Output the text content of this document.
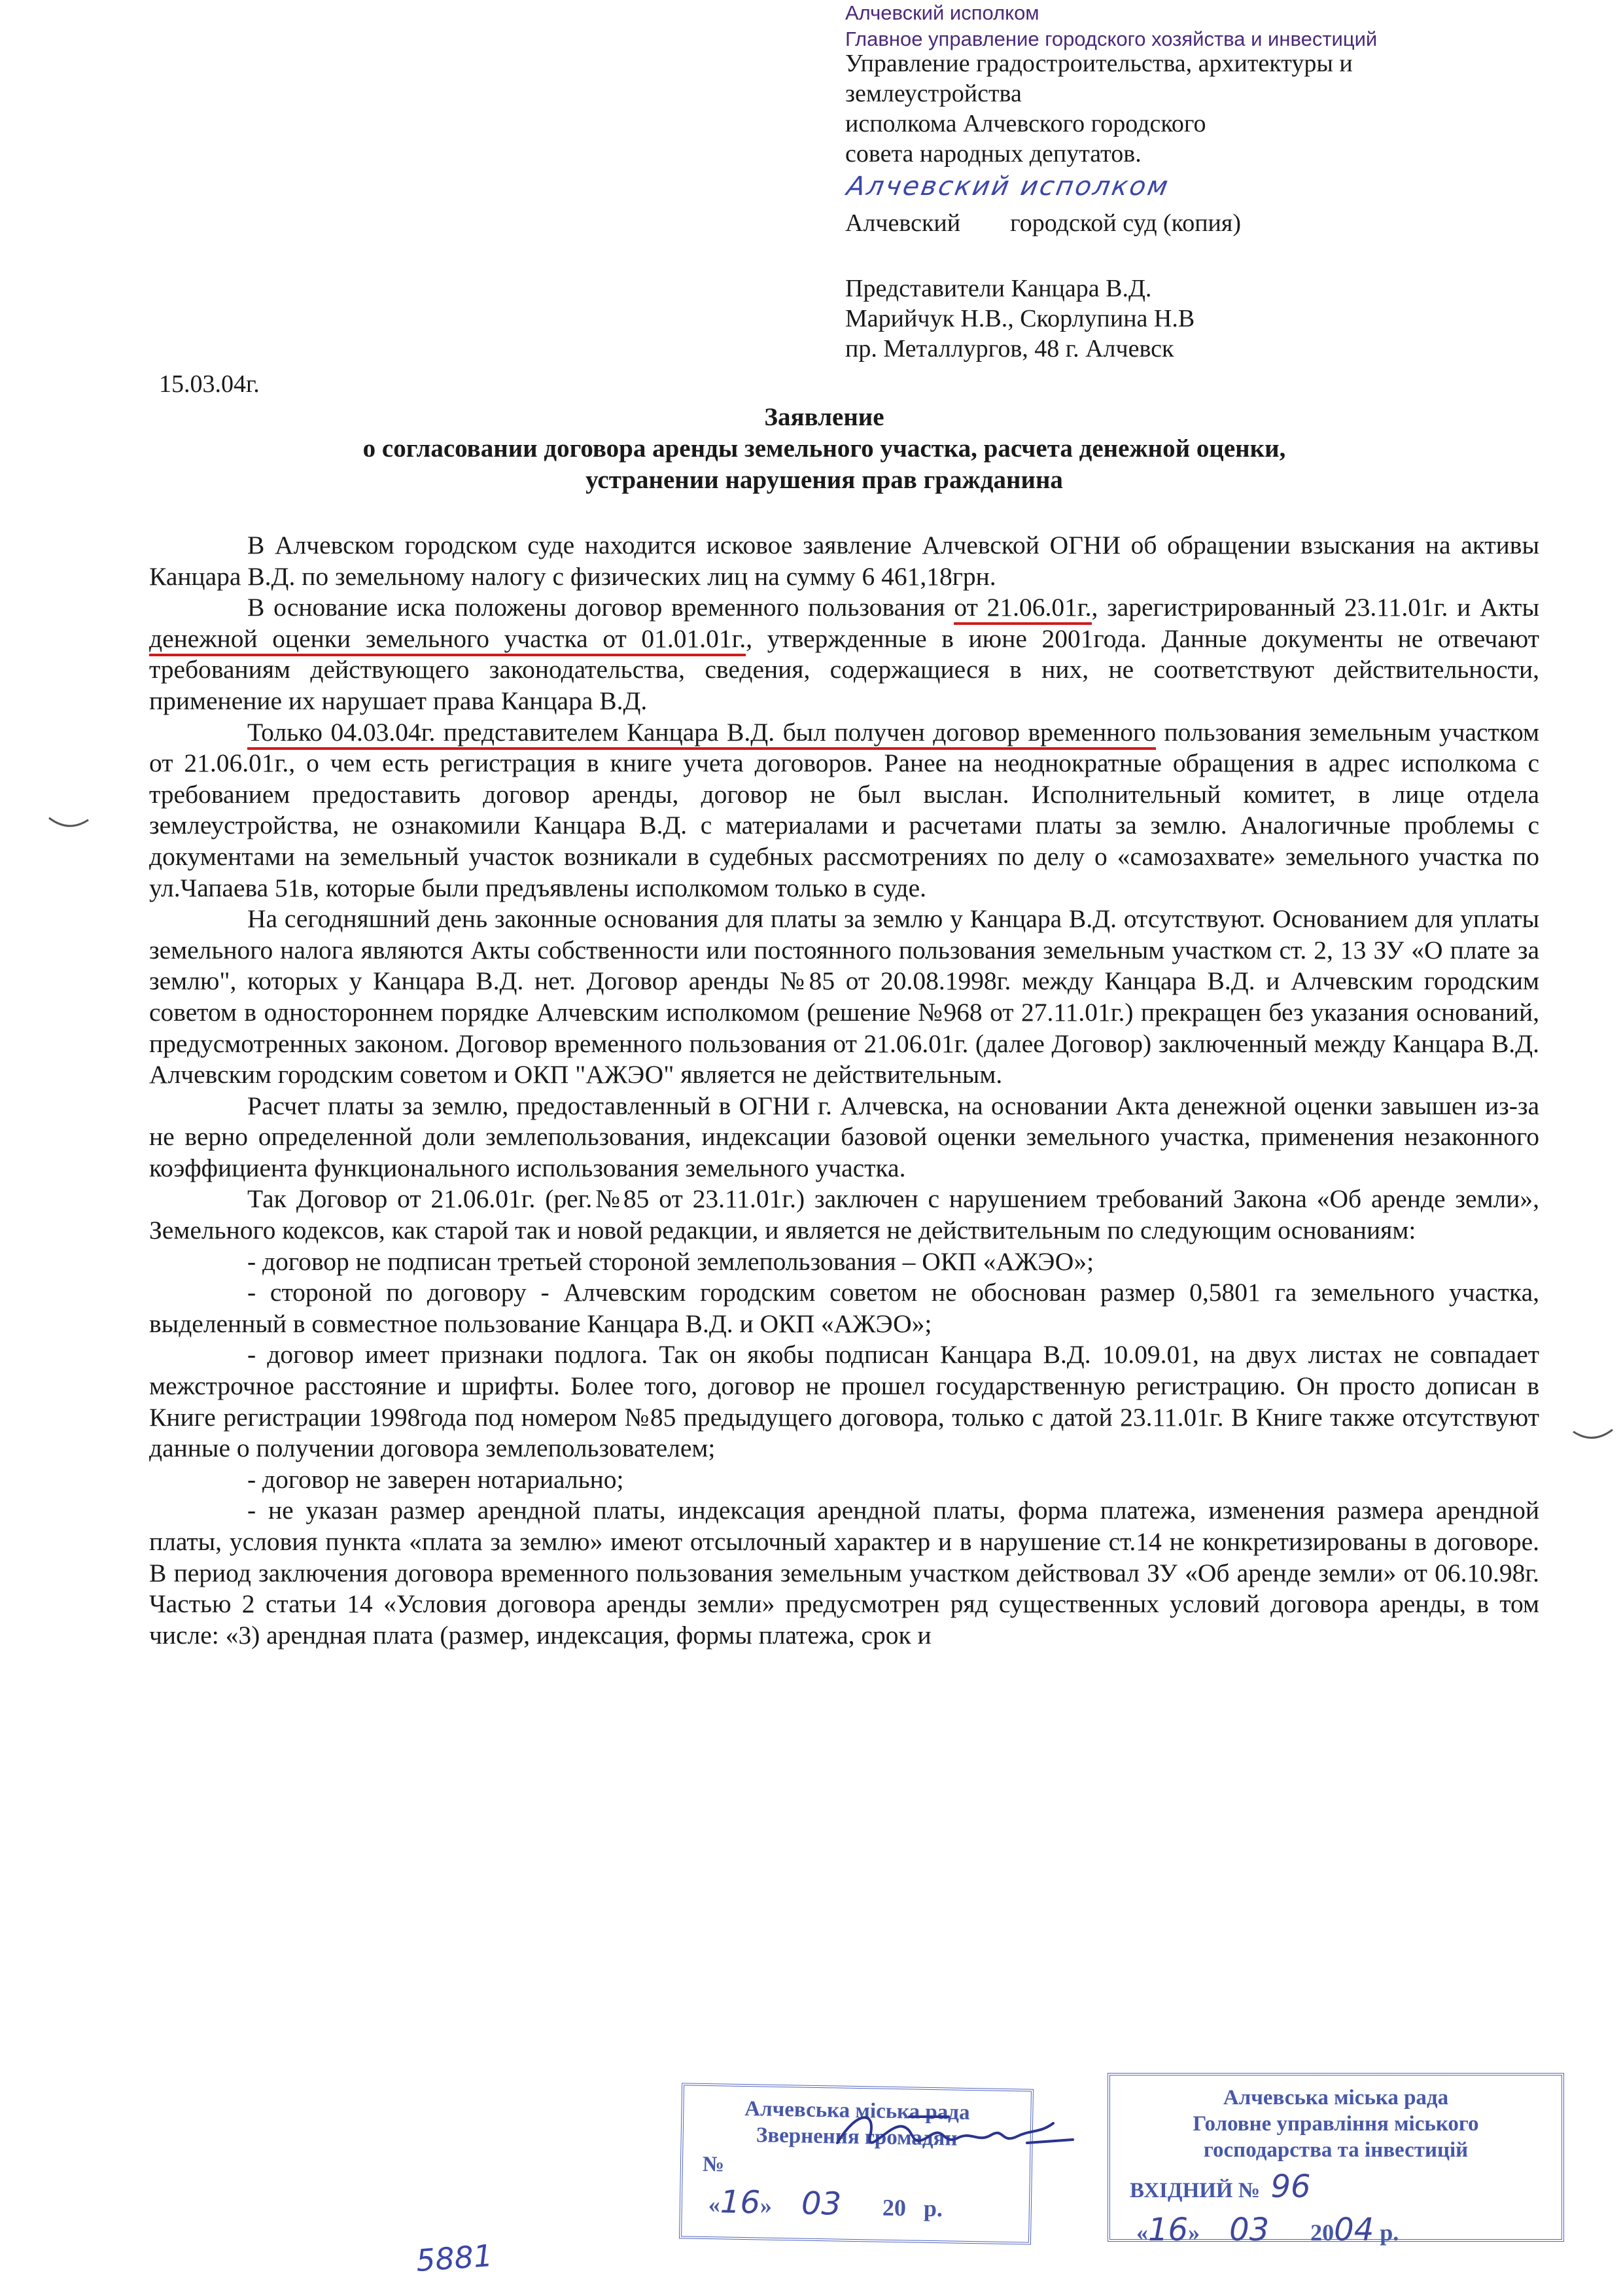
Алчевский исполком
Главное управление городского хозяйства и инвестиций
Управление градостроительства, архитектуры и
землеустройства
исполкома Алчевского городского
совета народных депутатов.
Алчевский исполком
Алчевский городской суд (копия)
Представители Канцара В.Д.
Марийчук Н.В., Скорлупина Н.В
пр. Металлургов, 48 г. Алчевск
15.03.04г.
Заявление
о согласовании договора аренды земельного участка, расчета денежной оценки,
устранении нарушения прав гражданина

В Алчевском городском суде находится исковое заявление Алчевской ОГНИ об обращении взыскания на активы Канцара В.Д. по земельному налогу с физических лиц на сумму 6 461,18грн.

В основание иска положены договор временного пользования от 21.06.01г., зарегистрированный 23.11.01г. и Акты денежной оценки земельного участка от 01.01.01г., утвержденные в июне 2001года. Данные документы не отвечают требованиям действующего законодательства, сведения, содержащиеся в них, не соответствуют действительности, применение их нарушает права Канцара В.Д.

Только 04.03.04г. представителем Канцара В.Д. был получен договор временного пользования земельным участком от 21.06.01г., о чем есть регистрация в книге учета договоров. Ранее на неоднократные обращения в адрес исполкома с требованием предоставить договор аренды, договор не был выслан. Исполнительный комитет, в лице отдела землеустройства, не ознакомили Канцара В.Д. с материалами и расчетами платы за землю. Аналогичные проблемы с документами на земельный участок возникали в судебных рассмотрениях по делу о «самозахвате» земельного участка по ул.Чапаева 51в, которые были предъявлены исполкомом только в суде.

На сегодняшний день законные основания для платы за землю у Канцара В.Д. отсутствуют. Основанием для уплаты земельного налога являются Акты собственности или постоянного пользования земельным участком ст. 2, 13 ЗУ «О плате за землю", которых у Канцара В.Д. нет. Договор аренды №85 от 20.08.1998г. между Канцара В.Д. и Алчевским городским советом в одностороннем порядке Алчевским исполкомом (решение №968 от 27.11.01г.) прекращен без указания оснований, предусмотренных законом. Договор временного пользования от 21.06.01г. (далее Договор) заключенный между Канцара В.Д. Алчевским городским советом и ОКП "АЖЭО" является не действительным.

Расчет платы за землю, предоставленный в ОГНИ г. Алчевска, на основании Акта денежной оценки завышен из-за не верно определенной доли землепользования, индексации базовой оценки земельного участка, применения незаконного коэффициента функционального использования земельного участка.

Так Договор от 21.06.01г. (рег.№85 от 23.11.01г.) заключен с нарушением требований Закона «Об аренде земли», Земельного кодексов, как старой так и новой редакции, и является не действительным по следующим основаниям:

- договор не подписан третьей стороной землепользования – ОКП «АЖЭО»;

- стороной по договору - Алчевским городским советом не обоснован размер 0,5801 га земельного участка, выделенный в совместное пользование Канцара В.Д. и ОКП «АЖЭО»;

- договор имеет признаки подлога. Так он якобы подписан Канцара В.Д. 10.09.01, на двух листах не совпадает межстрочное расстояние и шрифты. Более того, договор не прошел государственную регистрацию. Он просто дописан в Книге регистрации 1998года под номером №85 предыдущего договора, только с датой 23.11.01г. В Книге также отсутствуют данные о получении договора землепользователем;

- договор не заверен нотариально;

- не указан размер арендной платы, индексация арендной платы, форма платежа, изменения размера арендной платы, условия пункта «плата за землю» имеют отсылочный характер и в нарушение ст.14 не конкретизированы в договоре. В период заключения договора временного пользования земельным участком действовал ЗУ «Об аренде земли» от 06.10.98г. Частью 2 статьи 14 «Условия договора аренды земли» предусмотрен ряд существенных условий договора аренды, в том числе: «3) арендная плата (размер, индексация, формы платежа, срок и

Алчевська міська рада
Звернення громадян
№
«16»     03 20 р.
Алчевська міська рада
Головне управління міського
господарства та інвестицій
ВХІДНИЙ № 96
«16»     03 2004 р.
5881
